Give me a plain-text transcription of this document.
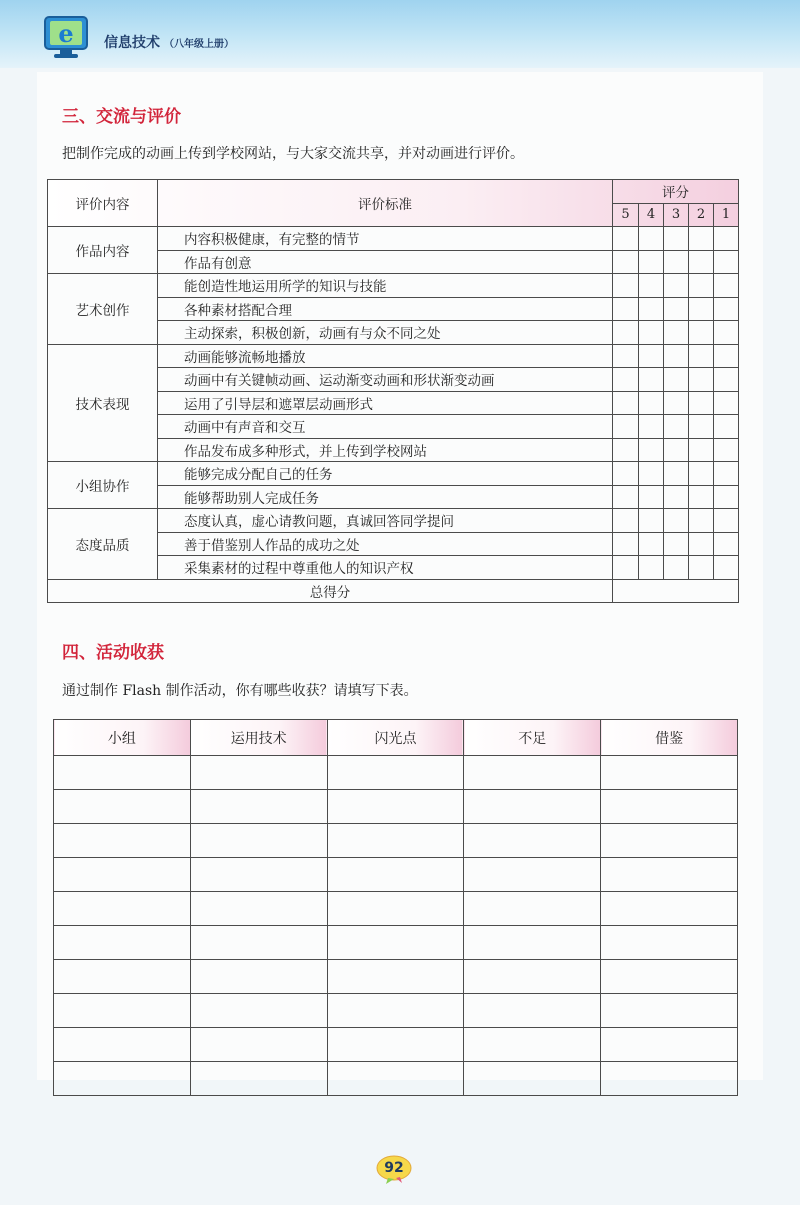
e 信息技术 （八年级上册）
三、交流与评价
把制作完成的动画上传到学校网站，与大家交流共享，并对动画进行评价。
评价内容	评价标准	评分				
		5	4	3	2	1
作品内容	内容积极健康，有完整的情节					
	作品有创意					
艺术创作	能创造性地运用所学的知识与技能					
	各种素材搭配合理					
	主动探索，积极创新，动画有与众不同之处					
技术表现	动画能够流畅地播放					
	动画中有关键帧动画、运动渐变动画和形状渐变动画					
	运用了引导层和遮罩层动画形式					
	动画中有声音和交互					
	作品发布成多种形式，并上传到学校网站					
小组协作	能够完成分配自己的任务					
	能够帮助别人完成任务					
态度品质	态度认真，虚心请教问题，真诚回答同学提问					
	善于借鉴别人作品的成功之处					
	采集素材的过程中尊重他人的知识产权					
总得分						
四、活动收获
通过制作 Flash 制作活动，你有哪些收获？请填写下表。
小组	运用技术	闪光点	不足	借鉴

92
